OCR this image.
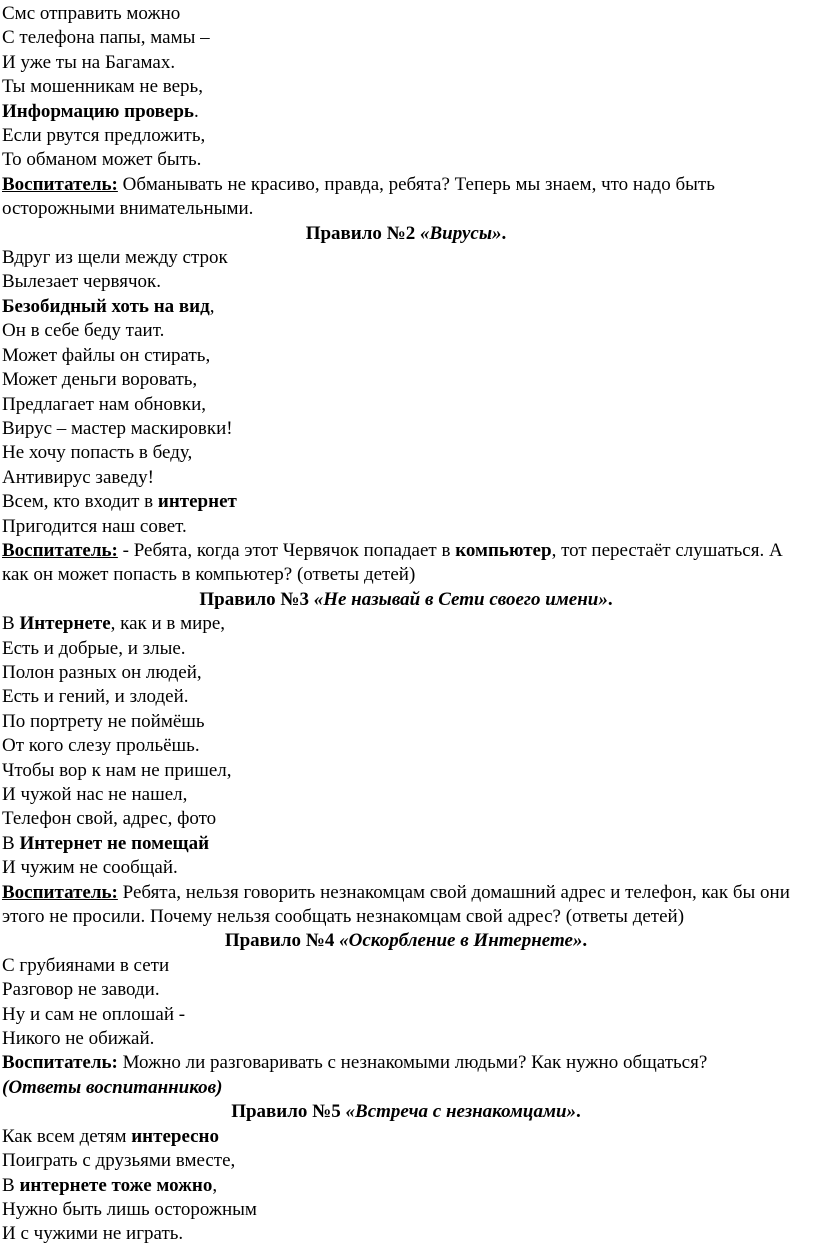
Смс отправить можно
С телефона папы, мамы –
И уже ты на Багамах.
Ты мошенникам не верь,
Информацию проверь.
Если рвутся предложить,
То обманом может быть.
Воспитатель: Обманывать не красиво, правда, ребята? Теперь мы знаем, что надо быть осторожными внимательными.
Правило №2 «Вирусы».
Вдруг из щели между строк
Вылезает червячок.
Безобидный хоть на вид,
Он в себе беду таит.
Может файлы он стирать,
Может деньги воровать,
Предлагает нам обновки,
Вирус – мастер маскировки!
Не хочу попасть в беду,
Антивирус заведу!
Всем, кто входит в интернет
Пригодится наш совет.
Воспитатель: - Ребята, когда этот Червячок попадает в компьютер, тот перестаёт слушаться. А как он может попасть в компьютер? (ответы детей)
Правило №3 «Не называй в Сети своего имени».
В Интернете, как и в мире,
Есть и добрые, и злые.
Полон разных он людей,
Есть и гений, и злодей.
По портрету не поймёшь
От кого слезу прольёшь.
Чтобы вор к нам не пришел,
И чужой нас не нашел,
Телефон свой, адрес, фото
В Интернет не помещай
И чужим не сообщай.
Воспитатель: Ребята, нельзя говорить незнакомцам свой домашний адрес и телефон, как бы они этого не просили. Почему нельзя сообщать незнакомцам свой адрес? (ответы детей)
Правило №4 «Оскорбление в Интернете».
С грубиянами в сети
Разговор не заводи.
Ну и сам не оплошай -
Никого не обижай.
Воспитатель: Можно ли разговаривать с незнакомыми людьми? Как нужно общаться?
(Ответы воспитанников)
Правило №5 «Встреча с незнакомцами».
Как всем детям интересно
Поиграть с друзьями вместе,
В интернете тоже можно,
Нужно быть лишь осторожным
И с чужими не играть.
